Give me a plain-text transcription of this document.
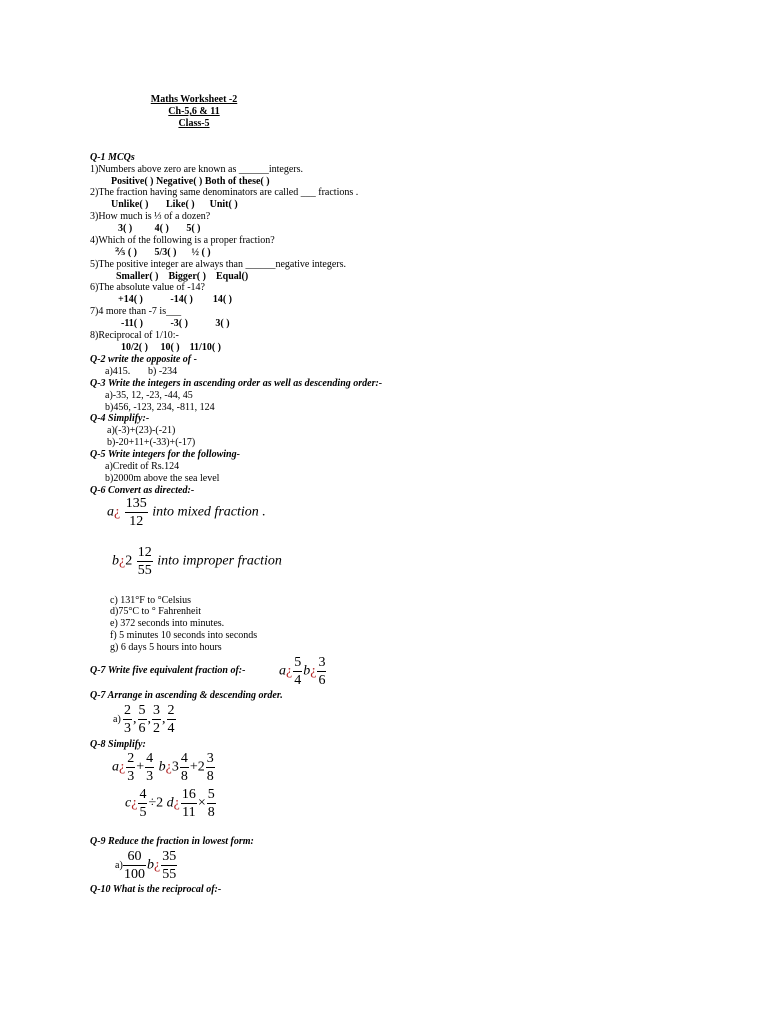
Maths Worksheet -2
Ch-5,6 & 11
Class-5
Q-1 MCQs
1)Numbers above zero are known as ______integers.
Positive( ) Negative( ) Both of these( )
2)The fraction having same denominators are called ___ fractions .
Unlike( )       Like( )      Unit( )
3)How much is ⅓ of a dozen?
3( )         4( )       5( )
4)Which of the following is a proper fraction?
⅖ ( )       5/3( )      ½ ( )
5)The positive integer are always than ______negative integers.
Smaller( )    Bigger( )    Equal()
6)The absolute value of -14?
+14( )           -14( )        14( )
7)4 more than -7 is___
-11( )           -3( )           3( )
8)Reciprocal of 1/10:-
10/2( )     10( )    11/10( )
Q-2 write the opposite of -
a)415. b) -234
Q-3 Write the integers in ascending order as well as descending order:-
a)-35, 12, -23, -44, 45
b)456, -123, 234, -811, 124
Q-4 Simplify:-
a)(-3)+(23)-(-21)
b)-20+11+(-33)+(-17)
Q-5 Write integers for the following-
a)Credit of Rs.124
b)2000m above the sea level
Q-6 Convert as directed:-
a¿ $\frac{135}{12}$ into mixed fraction .
b¿2 $\frac{12}{55}$ into improper fraction
c) 131°F to °Celsius
d)75°C to ° Fahrenheit
e) 372 seconds into minutes.
f) 5 minutes 10 seconds into seconds
g) 6 days 5 hours into hours
Q-7 Write five equivalent fraction of:- a¿ $\frac{5}{4}$ b¿ $\frac{3}{6}$
Q-7 Arrange in ascending & descending order.
$a) \frac{2}{3}$ , $\frac{5}{6}$ , $\frac{3}{2}$ , $\frac{2}{4}$
Q-8 Simplify:
a¿ $\frac{2}{3} + \frac{4}{3}$ b¿3 $\frac{4}{8} +2 \frac{3}{8}$
c¿ $\frac{4}{5} \div 2$ d¿ $\frac{16}{11} \times \frac{5}{8}$
Q-9 Reduce the fraction in lowest form:
$a) \frac{60}{100}$ b¿ $\frac{35}{55}$
Q-10 What is the reciprocal of:-
